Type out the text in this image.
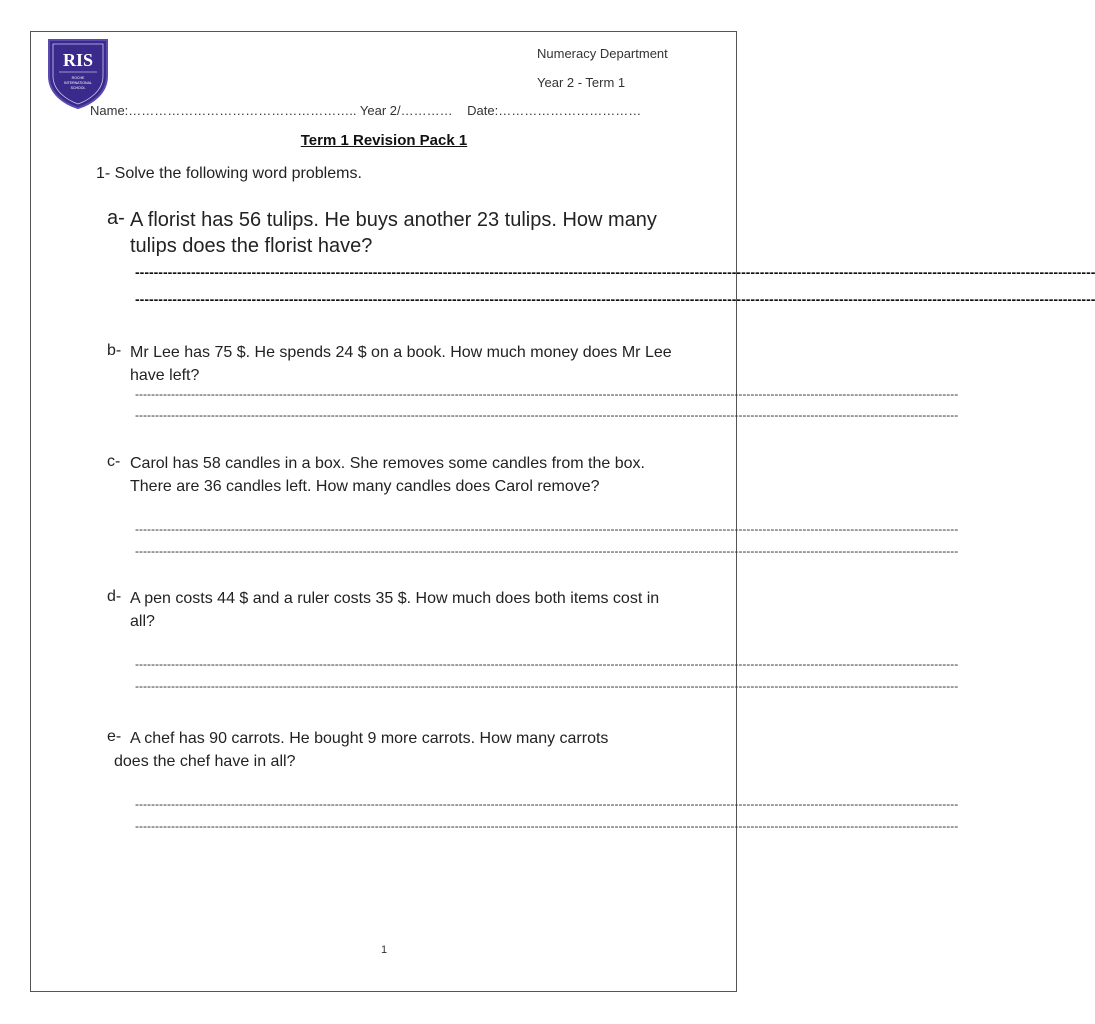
RIS
ROCHE
INTERNATIONAL
SCHOOL
Numeracy Department
Year 2 - Term 1
Name:…………………………………………….. Year 2/………… Date:……………………………
Term 1 Revision Pack 1
1- Solve the following word problems.
a- A florist has 56 tulips. He buys another 23 tulips. How many tulips does the florist have?
--------------------------------------------------------------------------------------------------------------------------------------------------------------------------------------------------------------
--------------------------------------------------------------------------------------------------------------------------------------------------------------------------------------------------------------
b- Mr Lee has 75 $. He spends 24 $ on a book. How much money does Mr Lee have left?
--------------------------------------------------------------------------------------------------------------------------------------------------------------------------------------------------------------
--------------------------------------------------------------------------------------------------------------------------------------------------------------------------------------------------------------
c- Carol has 58 candles in a box. She removes some candles from the box. There are 36 candles left. How many candles does Carol remove?
--------------------------------------------------------------------------------------------------------------------------------------------------------------------------------------------------------------
--------------------------------------------------------------------------------------------------------------------------------------------------------------------------------------------------------------
d- A pen costs 44 $ and a ruler costs 35 $. How much does both items cost in all?
--------------------------------------------------------------------------------------------------------------------------------------------------------------------------------------------------------------
--------------------------------------------------------------------------------------------------------------------------------------------------------------------------------------------------------------
e- A chef has 90 carrots. He bought 9 more carrots. How many carrots
does the chef have in all?
--------------------------------------------------------------------------------------------------------------------------------------------------------------------------------------------------------------
--------------------------------------------------------------------------------------------------------------------------------------------------------------------------------------------------------------
1
